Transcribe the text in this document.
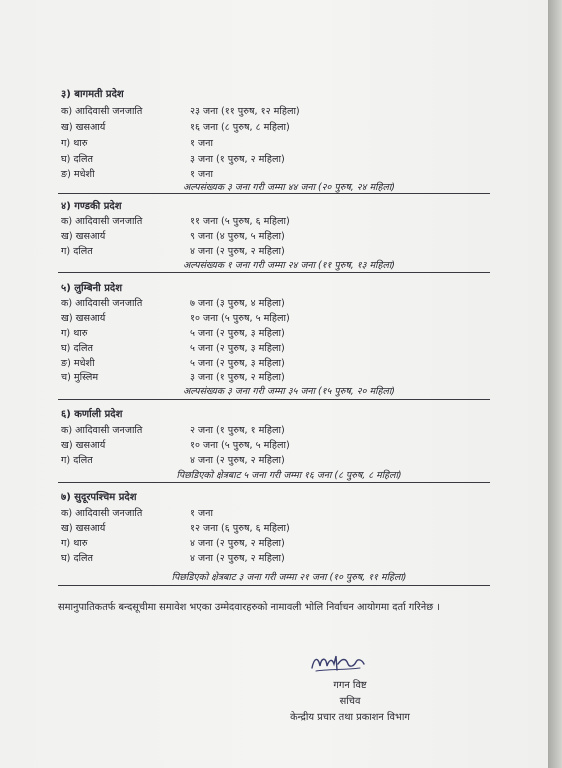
३) बागमती प्रदेश
क) आदिवासी जनजाति	२३ जना (११ पुरुष, १२ महिला)
ख) खसआर्य	१६ जना (८ पुरुष, ८ महिला)
ग) थारु	१ जना
घ) दलित	३ जना (१ पुरुष, २ महिला)
ङ) मधेशी	१ जना
अल्पसंख्यक ३ जना गरी जम्मा ४४ जना (२० पुरुष, २४ महिला)
४) गण्डकी प्रदेश
क) आदिवासी जनजाति	११ जना (५ पुरुष, ६ महिला)
ख) खसआर्य	९ जना (४ पुरुष, ५ महिला)
ग) दलित	४ जना (२ पुरुष, २ महिला)
अल्पसंख्यक १ जना गरी जम्मा २४ जना (११ पुरुष, १३ महिला)
५) लुम्बिनी प्रदेश
क) आदिवासी जनजाति	७ जना (३ पुरुष, ४ महिला)
ख) खसआर्य	१० जना (५ पुरुष, ५ महिला)
ग) थारु	५ जना (२ पुरुष, ३ महिला)
घ) दलित	५ जना (२ पुरुष, ३ महिला)
ङ) मधेशी	५ जना (२ पुरुष, ३ महिला)
च) मुस्लिम	३ जना (१ पुरुष, २ महिला)
अल्पसंख्यक ३ जना गरी जम्मा ३५ जना (१५ पुरुष, २० महिला)
६) कर्णाली प्रदेश
क) आदिवासी जनजाति	२ जना (१ पुरुष, १ महिला)
ख) खसआर्य	१० जना (५ पुरुष, ५ महिला)
ग) दलित	४ जना (२ पुरुष, २ महिला)
पिछडिएको क्षेत्रबाट ५ जना गरी जम्मा १६ जना (८ पुरुष, ८ महिला)
७) सुदूरपश्चिम प्रदेश
क) आदिवासी जनजाति	१ जना
ख) खसआर्य	१२ जना (६ पुरुष, ६ महिला)
ग) थारु	४ जना (२ पुरुष, २ महिला)
घ) दलित	४ जना (२ पुरुष, २ महिला)
पिछडिएको क्षेत्रबाट ३ जना गरी जम्मा २१ जना (१० पुरुष, ११ महिला)
समानुपातिकतर्फ बन्दसूचीमा समावेश भएका उम्मेदवारहरुको नामावली भोलि निर्वाचन आयोगमा दर्ता गरिनेछ ।
गगन विष्ट
सचिव
केन्द्रीय प्रचार तथा प्रकाशन विभाग
